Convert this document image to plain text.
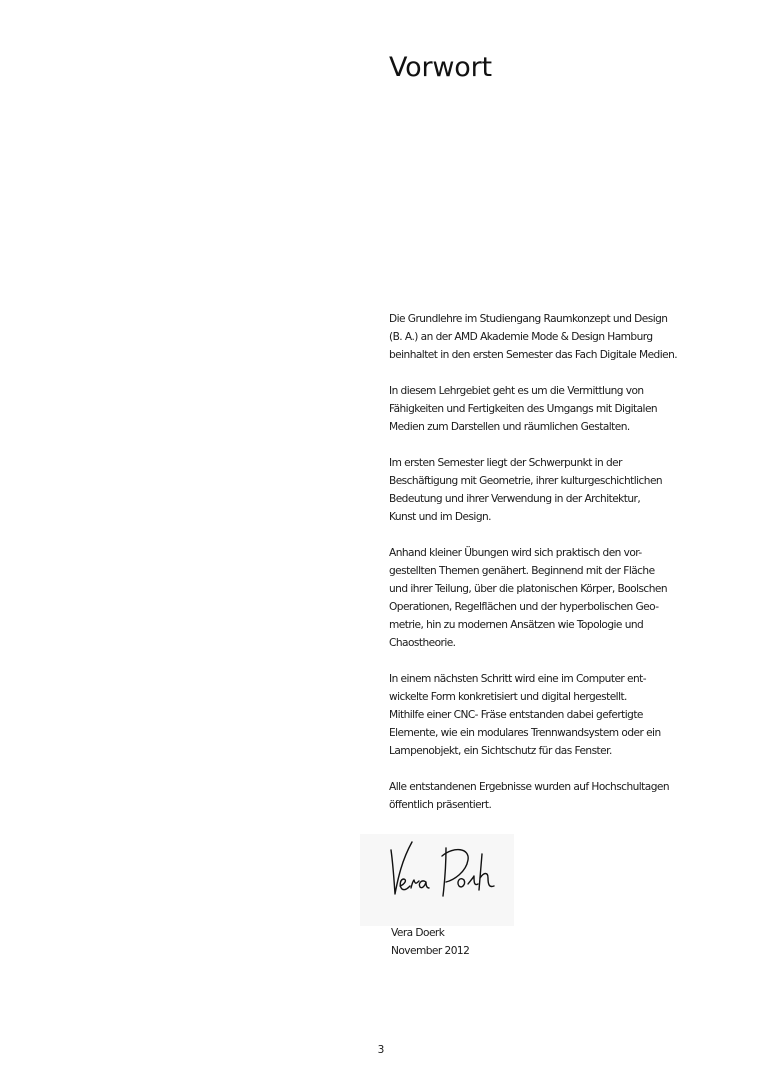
Vorwort

Die Grundlehre im Studiengang Raumkonzept und Design
(B. A.) an der AMD Akademie Mode & Design Hamburg
beinhaltet in den ersten Semester das Fach Digitale Medien.

In diesem Lehrgebiet geht es um die Vermittlung von
Fähigkeiten und Fertigkeiten des Umgangs mit Digitalen
Medien zum Darstellen und räumlichen Gestalten.

Im ersten Semester liegt der Schwerpunkt in der
Beschäftigung mit Geometrie, ihrer kulturgeschichtlichen
Bedeutung und ihrer Verwendung in der Architektur,
Kunst und im Design.

Anhand kleiner Übungen wird sich praktisch den vor-
gestellten Themen genähert. Beginnend mit der Fläche
und ihrer Teilung, über die platonischen Körper, Boolschen
Operationen, Regelflächen und der hyperbolischen Geo-
metrie, hin zu modernen Ansätzen wie Topologie und
Chaostheorie.

In einem nächsten Schritt wird eine im Computer ent-
wickelte Form konkretisiert und digital hergestellt.
Mithilfe einer CNC- Fräse entstanden dabei gefertigte
Elemente, wie ein modulares Trennwandsystem oder ein
Lampenobjekt, ein Sichtschutz für das Fenster.

Alle entstandenen Ergebnisse wurden auf Hochschultagen
öffentlich präsentiert.

Vera Doerk
November 2012
3
